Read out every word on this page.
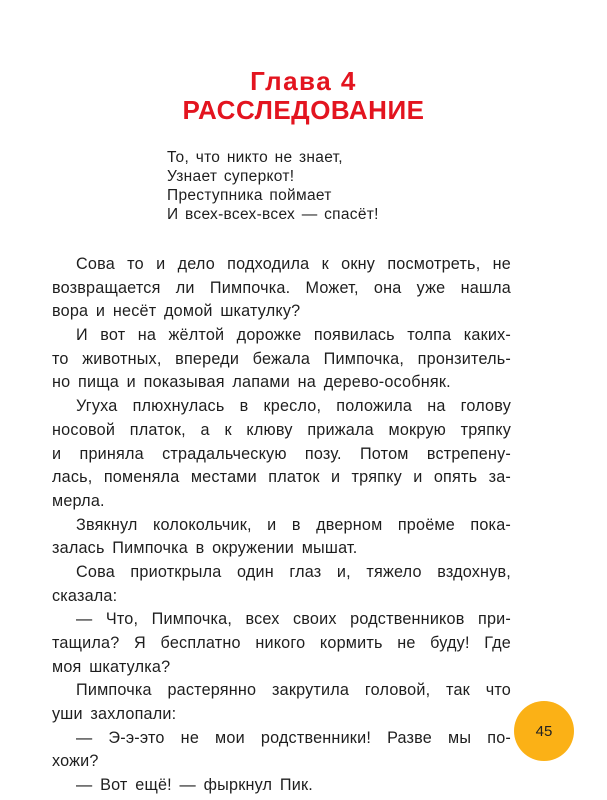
Глава 4
РАССЛЕДОВАНИЕ
То, что никто не знает,
Узнает суперкот!
Преступника поймает
И всех-всех-всех — спасёт!
Сова то и дело подходила к окну посмотреть, не
возвращается ли Пимпочка. Может, она уже нашла
вора и несёт домой шкатулку?
И вот на жёлтой дорожке появилась толпа каких-
то животных, впереди бежала Пимпочка, пронзитель-
но пища и показывая лапами на дерево-особняк.
Угуха плюхнулась в кресло, положила на голову
носовой платок, а к клюву прижала мокрую тряпку
и приняла страдальческую позу. Потом встрепену-
лась, поменяла местами платок и тряпку и опять за-
мерла.
Звякнул колокольчик, и в дверном проёме пока-
залась Пимпочка в окружении мышат.
Сова приоткрыла один глаз и, тяжело вздохнув,
сказала:
— Что, Пимпочка, всех своих родственников при-
тащила? Я бесплатно никого кормить не буду! Где
моя шкатулка?
Пимпочка растерянно закрутила головой, так что
уши захлопали:
— Э-э-это не мои родственники! Разве мы по-
хожи?
— Вот ещё! — фыркнул Пик.
45
